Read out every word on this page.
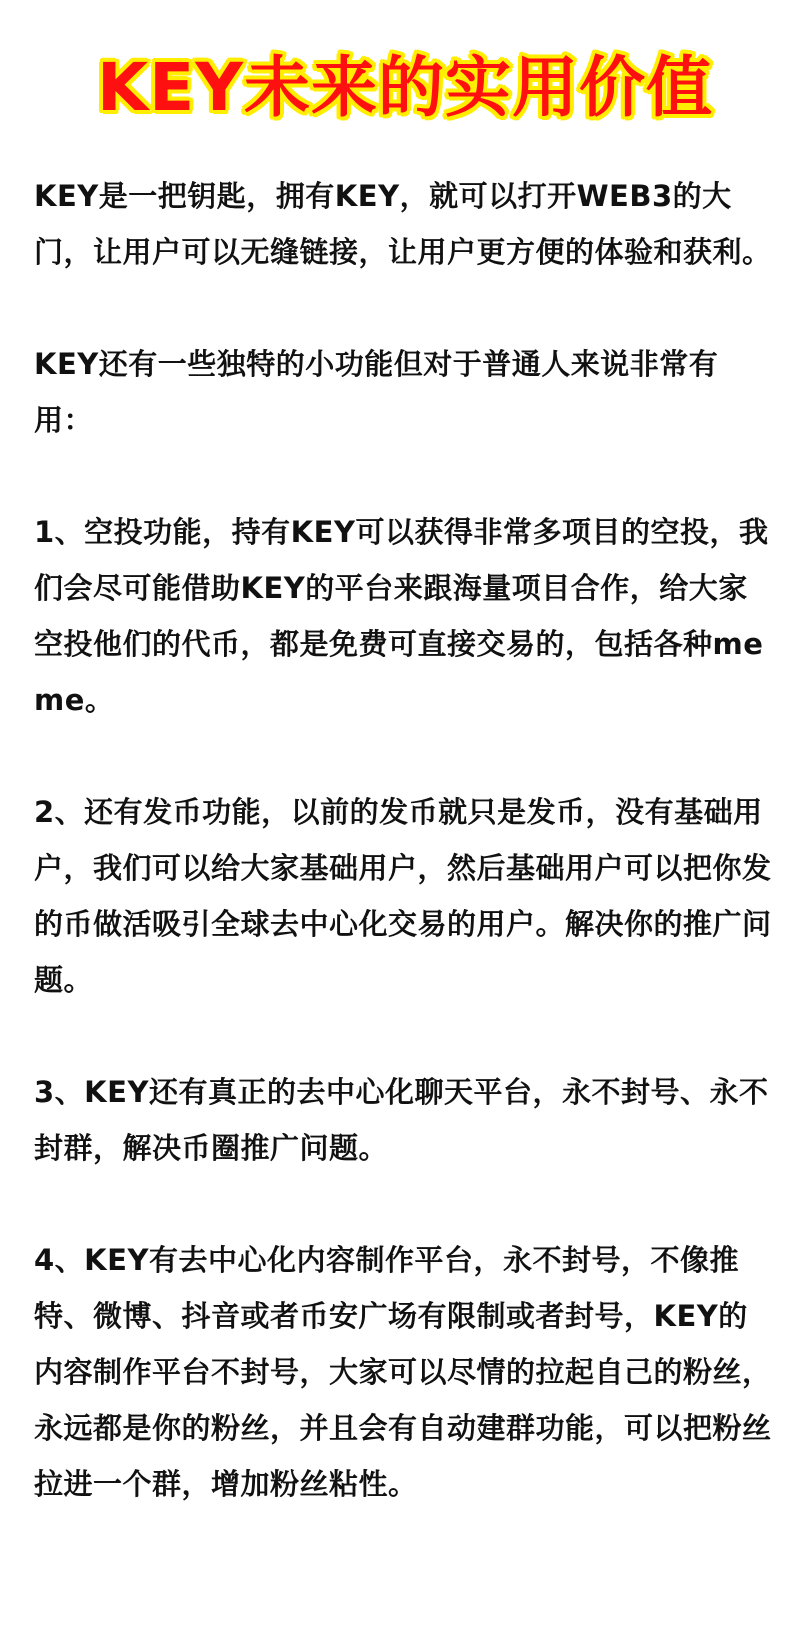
KEY未来的实用价值

KEY是一把钥匙，拥有KEY，就可以打开WEB3的大门，让用户可以无缝链接，让用户更方便的体验和获利。

KEY还有一些独特的小功能但对于普通人来说非常有用：

1、空投功能，持有KEY可以获得非常多项目的空投，我们会尽可能借助KEY的平台来跟海量项目合作，给大家空投他们的代币，都是免费可直接交易的，包括各种meme。

2、还有发币功能，以前的发币就只是发币，没有基础用户，我们可以给大家基础用户，然后基础用户可以把你发的币做活吸引全球去中心化交易的用户。解决你的推广问题。

3、KEY还有真正的去中心化聊天平台，永不封号、永不封群，解决币圈推广问题。

4、KEY有去中心化内容制作平台，永不封号，不像推特、微博、抖音或者币安广场有限制或者封号，KEY的内容制作平台不封号，大家可以尽情的拉起自己的粉丝，永远都是你的粉丝，并且会有自动建群功能，可以把粉丝拉进一个群，增加粉丝粘性。
